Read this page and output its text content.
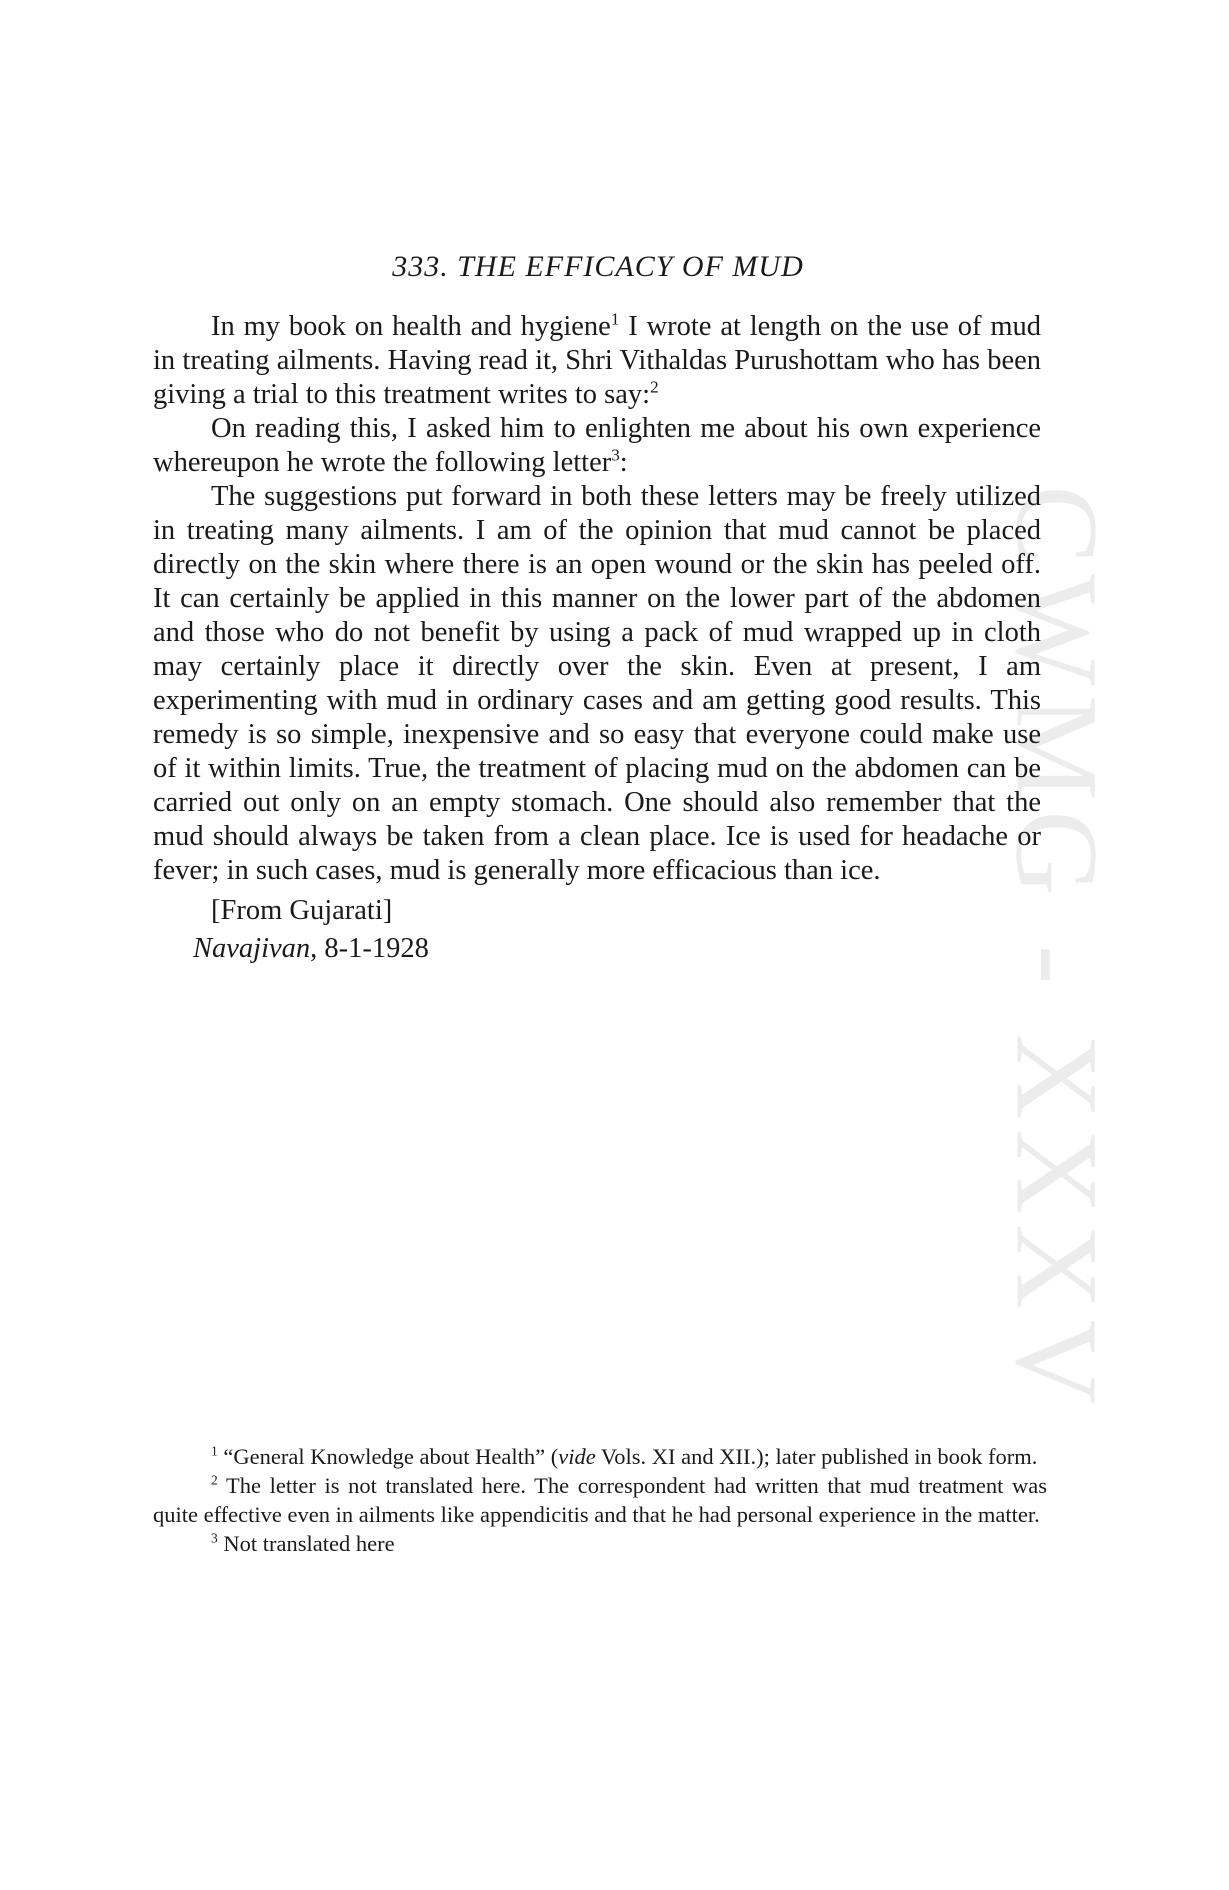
CWMG - XXXV
333. THE EFFICACY OF MUD

In my book on health and hygiene$^1$ I wrote at length on the use of mud in treating ailments. Having read it, Shri Vithaldas Purushottam who has been giving a trial to this treatment writes to say:$^2$

On reading this, I asked him to enlighten me about his own experience whereupon he wrote the following letter$^3$:

The suggestions put forward in both these letters may be freely utilized in treating many ailments. I am of the opinion that mud cannot be placed directly on the skin where there is an open wound or the skin has peeled off. It can certainly be applied in this manner on the lower part of the abdomen and those who do not benefit by using a pack of mud wrapped up in cloth may certainly place it directly over the skin. Even at present, I am experimenting with mud in ordinary cases and am getting good results. This remedy is so simple, inexpensive and so easy that everyone could make use of it within limits. True, the treatment of placing mud on the abdomen can be carried out only on an empty stomach. One should also remember that the mud should always be taken from a clean place. Ice is used for headache or fever; in such cases, mud is generally more efficacious than ice.

[From Gujarati]

Navajivan, 8-1-1928

$^1$ “General Knowledge about Health” (vide Vols. XI and XII.); later published in book form.

$^2$ The letter is not translated here. The correspondent had written that mud treatment was quite effective even in ailments like appendicitis and that he had personal experience in the matter.

$^3$ Not translated here
